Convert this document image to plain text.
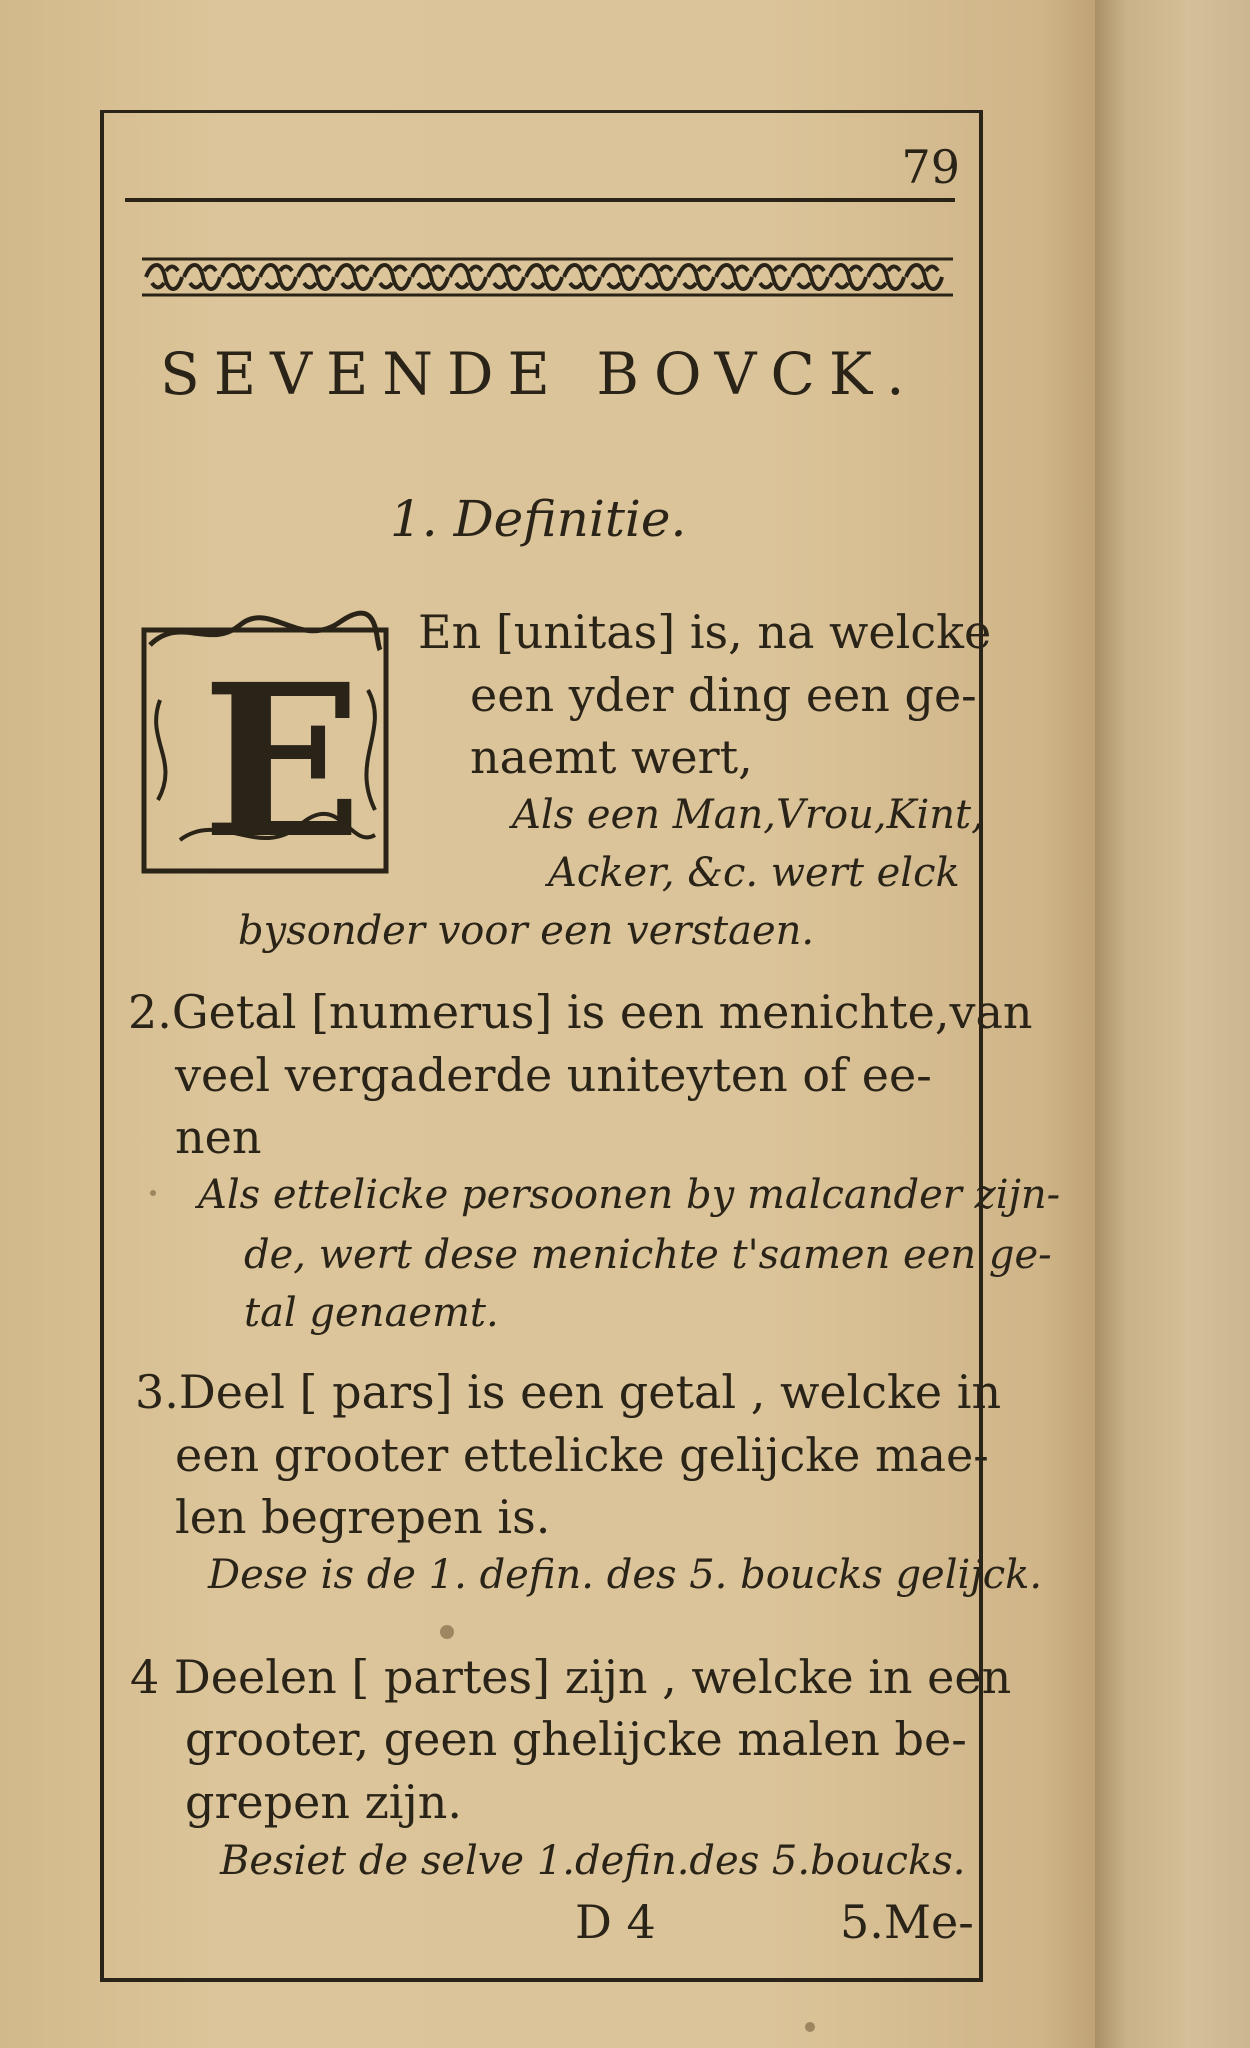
79
SEVENDE BOVCK.
1. Definitie.
E
En [unitas] is, na welcke
een yder ding een ge-
naemt wert,
Als een Man,Vrou,Kint,
Acker, &c. wert elck
bysonder voor een verstaen.
2.Getal [numerus] is een menichte,van
veel vergaderde uniteyten of ee-
nen
Als ettelicke persoonen by malcander zijn-
de, wert dese menichte t'samen een ge-
tal genaemt.
3.Deel [ pars] is een getal , welcke in
een grooter ettelicke gelijcke mae-
len begrepen is.
Dese is de 1. defin. des 5. boucks gelijck.
4 Deelen [ partes] zijn , welcke in een
grooter, geen ghelijcke malen be-
grepen zijn.
Besiet de selve 1.defin.des 5.boucks.
D 4	5.Me-
